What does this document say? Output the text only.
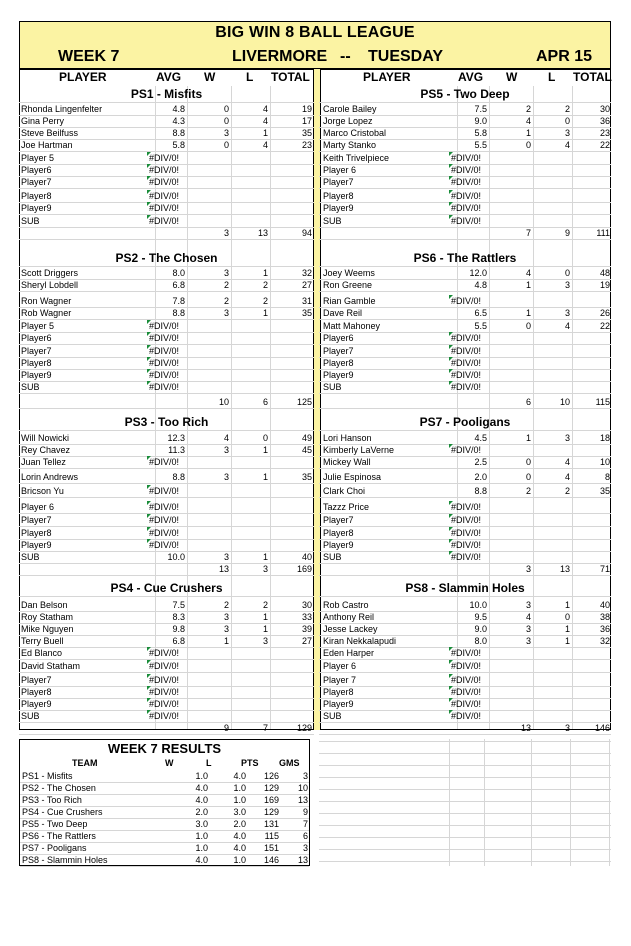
BIG WIN 8 BALL LEAGUE
WEEK 7	LIVERMORE -- TUESDAY	APR 15
PLAYER	AVG W	L TOTAL	PLAYER	AVG W	L TOTAL
PS1 - Misfits
Rhonda Lingenfelter	4.8	0	4	19
Gina Perry	4.3	0	4	17
Steve Beilfuss	8.8	3	1	35
Joe Hartman	5.8	0	4	23
Player 5	#DIV/0!
Player6	#DIV/0!
Player7	#DIV/0!
Player8	#DIV/0!
Player9	#DIV/0!
SUB	#DIV/0!
3	13	94
PS5 - Two Deep
Carole Bailey	7.5	2	2	30
Jorge Lopez	9.0	4	0	36
Marco Cristobal	5.8	1	3	23
Marty Stanko	5.5	0	4	22
Keith Trivelpiece	#DIV/0!
Player 6	#DIV/0!
Player7	#DIV/0!
Player8	#DIV/0!
Player9	#DIV/0!
SUB	#DIV/0!
7	9	111
PS2 - The Chosen
Scott Driggers	8.0	3	1	32
Sheryl Lobdell	6.8	2	2	27
Ron Wagner	7.8	2	2	31
Rob Wagner	8.8	3	1	35
Player 5	#DIV/0!
Player6	#DIV/0!
Player7	#DIV/0!
Player8	#DIV/0!
Player9	#DIV/0!
SUB	#DIV/0!
10	6	125
PS6 - The Rattlers
Joey Weems	12.0	4	0	48
Ron Greene	4.8	1	3	19
Rian Gamble	#DIV/0!
Dave Reil	6.5	1	3	26
Matt Mahoney	5.5	0	4	22
Player6	#DIV/0!
Player7	#DIV/0!
Player8	#DIV/0!
Player9	#DIV/0!
SUB	#DIV/0!
6	10	115
PS3 - Too Rich
Will Nowicki	12.3	4	0	49
Rey Chavez	11.3	3	1	45
Juan Tellez	#DIV/0!
Lorin Andrews	8.8	3	1	35
Bricson Yu	#DIV/0!
Player 6	#DIV/0!
Player7	#DIV/0!
Player8	#DIV/0!
Player9	#DIV/0!
SUB	10.0	3	1	40
13	3	169
PS7 - Pooligans
Lori Hanson	4.5	1	3	18
Kimberly LaVerne	#DIV/0!
Mickey Wall	2.5	0	4	10
Julie Espinosa	2.0	0	4	8
Clark Choi	8.8	2	2	35
Tazzz Price	#DIV/0!
Player7	#DIV/0!
Player8	#DIV/0!
Player9	#DIV/0!
SUB	#DIV/0!
3	13	71
PS4 - Cue Crushers
Dan Belson	7.5	2	2	30
Roy Statham	8.3	3	1	33
Mike Nguyen	9.8	3	1	39
Terry Buell	6.8	1	3	27
Ed Blanco	#DIV/0!
David Statham	#DIV/0!
Player7	#DIV/0!
Player8	#DIV/0!
Player9	#DIV/0!
SUB	#DIV/0!
9	7	129
PS8 - Slammin Holes
Rob Castro	10.0	3	1	40
Anthony Reil	9.5	4	0	38
Jesse Lackey	9.0	3	1	36
Kiran Nekkalapudi	8.0	3	1	32
Eden Harper	#DIV/0!
Player 6	#DIV/0!
Player 7	#DIV/0!
Player8	#DIV/0!
Player9	#DIV/0!
SUB	#DIV/0!
13	3	146
WEEK 7 RESULTS
TEAM	W	L	PTS GMS
PS1 - Misfits	1.0	4.0 126	3
PS2 - The Chosen	4.0	1.0 129 10
PS3 - Too Rich	4.0	1.0 169 13
PS4 - Cue Crushers	2.0	3.0 129	9
PS5 - Two Deep	3.0	2.0 131	7
PS6 - The Rattlers	1.0	4.0 115	6
PS7 - Pooligans	1.0	4.0 151	3
PS8 - Slammin Holes	4.0	1.0 146 13
